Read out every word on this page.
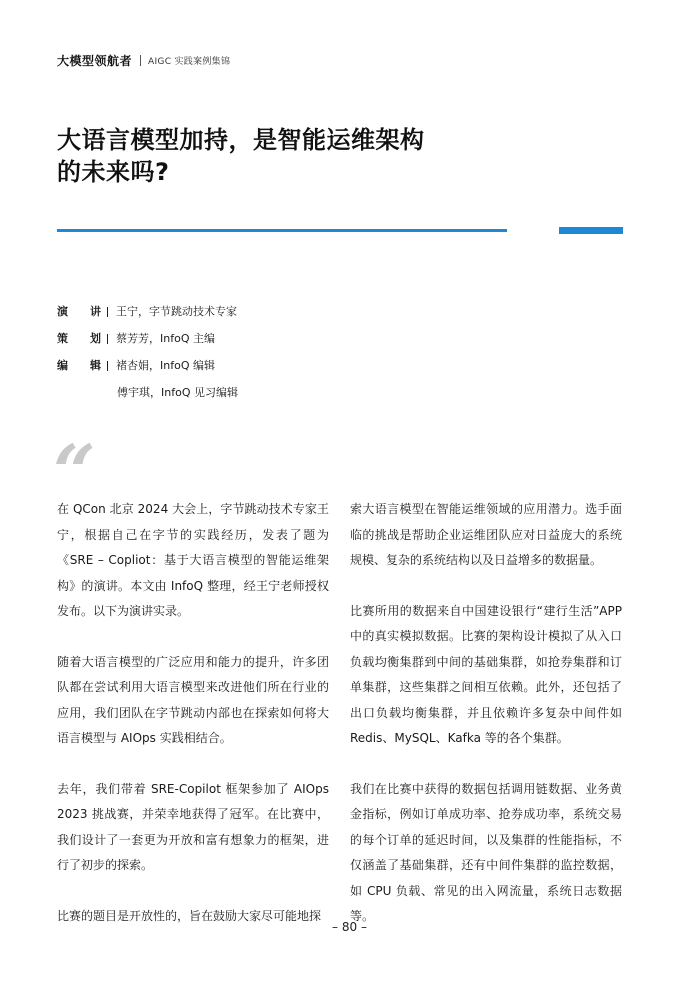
大模型领航者 AIGC 实践案例集锦
大语言模型加持，是智能运维架构
的未来吗?
演 讲 王宁，字节跳动技术专家
策 划 蔡芳芳，InfoQ 主编
编 辑 褚杏娟，InfoQ 编辑
傅宇琪，InfoQ 见习编辑
“

在 QCon 北京 2024 大会上，字节跳动技术专家王宁，根据自己在字节的实践经历，发表了题为《SRE – Copliot：基于大语言模型的智能运维架构》的演讲。本文由 InfoQ 整理，经王宁老师授权发布。以下为演讲实录。

随着大语言模型的广泛应用和能力的提升，许多团队都在尝试利用大语言模型来改进他们所在行业的应用，我们团队在字节跳动内部也在探索如何将大语言模型与 AIOps 实践相结合。

去年，我们带着 SRE-Copilot 框架参加了 AIOps 2023 挑战赛，并荣幸地获得了冠军。在比赛中，我们设计了一套更为开放和富有想象力的框架，进行了初步的探索。

比赛的题目是开放性的，旨在鼓励大家尽可能地探

索大语言模型在智能运维领域的应用潜力。选手面临的挑战是帮助企业运维团队应对日益庞大的系统规模、复杂的系统结构以及日益增多的数据量。

比赛所用的数据来自中国建设银行“建行生活”APP 中的真实模拟数据。比赛的架构设计模拟了从入口负载均衡集群到中间的基础集群，如抢券集群和订单集群，这些集群之间相互依赖。此外，还包括了出口负载均衡集群，并且依赖许多复杂中间件如 Redis、MySQL、Kafka 等的各个集群。

我们在比赛中获得的数据包括调用链数据、业务黄金指标，例如订单成功率、抢券成功率，系统交易的每个订单的延迟时间，以及集群的性能指标，不仅涵盖了基础集群，还有中间件集群的监控数据，如 CPU 负载、常见的出入网流量，系统日志数据等。

– 80 –
